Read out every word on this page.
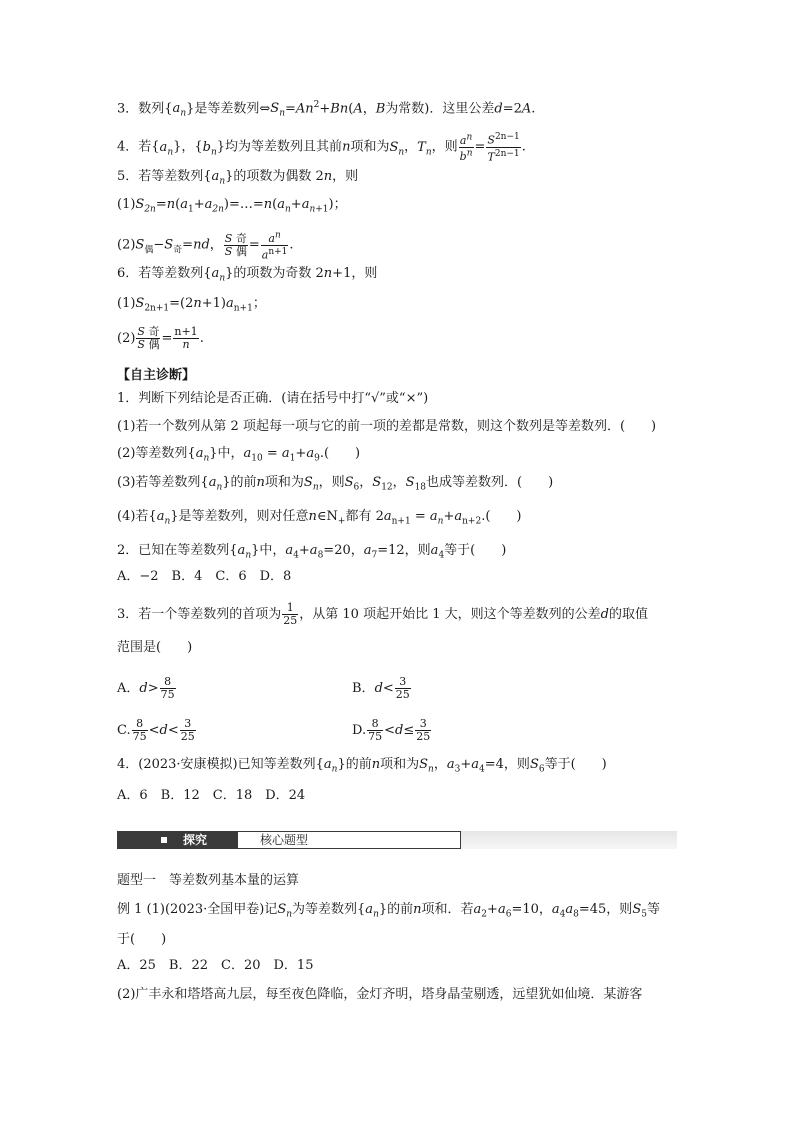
3．数列$\{a_n\}$是等差数列$\Leftrightarrow S_n=An^2+Bn(A$，B为常数)．这里公差d=2A.
4．若$\{a_n\}$，$\{b_n\}$均为等差数列且其前n项和为$S_n$，$T_n$，则 $\frac{a^n}{b^n} = \frac{S^{2n-1}}{T^{2n-1}}$ .
5．若等差数列$\{a_n\}$的项数为偶数 2n，则
$(1)S_{2n}=n(a_1+a_{2n})=\dots=n(a_n+a_{n+1})$；
$(2)S_偶-S_奇=nd$， $\frac{\text{S 奇}}{\text{S 偶}} = \frac{a^n}{a^{n+1}}$ .
6．若等差数列$\{a_n\}$的项数为奇数 2n+1，则
$(1)S_{2n+1}=(2n+1)a_{n+1}$；
$(2) \frac{\text{S 奇}}{\text{S 偶}} = \frac{n+1}{n}$ .
【自主诊断】
1．判断下列结论是否正确．(请在括号中打“√”或“×”)
(1)若一个数列从第 2 项起每一项与它的前一项的差都是常数，则这个数列是等差数列．(　　)
(2)等差数列$\{a_n\}$中，$a_{10} = a_1+a_9$.(　　)
(3)若等差数列$\{a_n\}$的前n项和为$S_n$，则$S_6$，$S_{12}$，$S_{18}$也成等差数列．(　　)
(4)若$\{a_n\}$是等差数列，则对任意$n\in N_+$都有 $2a_{n+1} = a_n+a_{n+2}$.(　　)
2．已知在等差数列$\{a_n\}$中，$a_4+a_8=20$，$a_7=12$，则$a_4$等于(　　)
A．−2　B．4　C．6　D．8
3．若一个等差数列的首项为 $\frac{1}{25}$ ，从第 10 项起开始比 1 大，则这个等差数列的公差d的取值
范围是(　　)
A．$d> \frac{8}{75}$	B．$d< \frac{3}{25}$
C. $\frac{8}{75} <d< \frac{3}{25}$	D. $\frac{8}{75} <d\le \frac{3}{25}$
4．(2023·安康模拟)已知等差数列$\{a_n\}$的前n项和为$S_n$，$a_3+a_4=4$，则$S_6$等于(　　)
A．6　B．12　C．18　D．24
探究	核心题型
题型一　等差数列基本量的运算
例 1 (1)(2023·全国甲卷)记$S_n$为等差数列$\{a_n\}$的前n项和．若$a_2+a_6=10$，$a_4a_8=45$，则$S_5$等
于(　　)
A．25　B．22　C．20　D．15
(2)广丰永和塔塔高九层，每至夜色降临，金灯齐明，塔身晶莹剔透，远望犹如仙境．某游客
